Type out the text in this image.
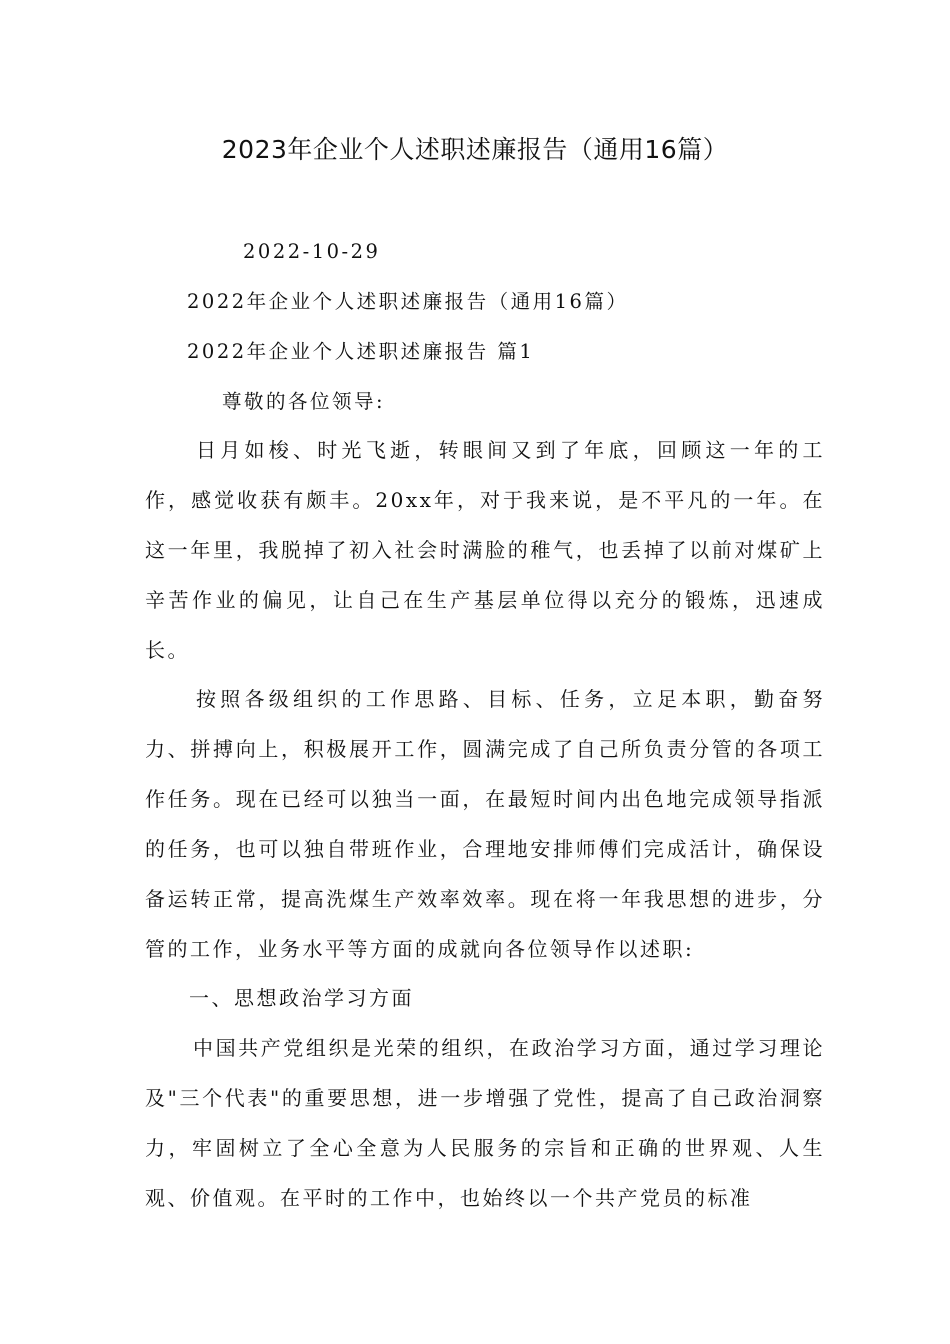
2023年企业个人述职述廉报告（通用16篇）

2022-10-29

2022年企业个人述职述廉报告（通用16篇）

2022年企业个人述职述廉报告 篇1

尊敬的各位领导:

日月如梭、时光飞逝，转眼间又到了年底，回顾这一年的工作，感觉收获有颇丰。20xx年，对于我来说，是不平凡的一年。在这一年里，我脱掉了初入社会时满脸的稚气，也丢掉了以前对煤矿上辛苦作业的偏见，让自己在生产基层单位得以充分的锻炼，迅速成长。

按照各级组织的工作思路、目标、任务，立足本职，勤奋努力、拼搏向上，积极展开工作，圆满完成了自己所负责分管的各项工作任务。现在已经可以独当一面，在最短时间内出色地完成领导指派的任务，也可以独自带班作业，合理地安排师傅们完成活计，确保设备运转正常，提高洗煤生产效率效率。现在将一年我思想的进步，分管的工作，业务水平等方面的成就向各位领导作以述职:

一、思想政治学习方面

中国共产党组织是光荣的组织，在政治学习方面，通过学习理论及"三个代表"的重要思想，进一步增强了党性，提高了自己政治洞察力，牢固树立了全心全意为人民服务的宗旨和正确的世界观、人生观、价值观。在平时的工作中，也始终以一个共产党员的标准
